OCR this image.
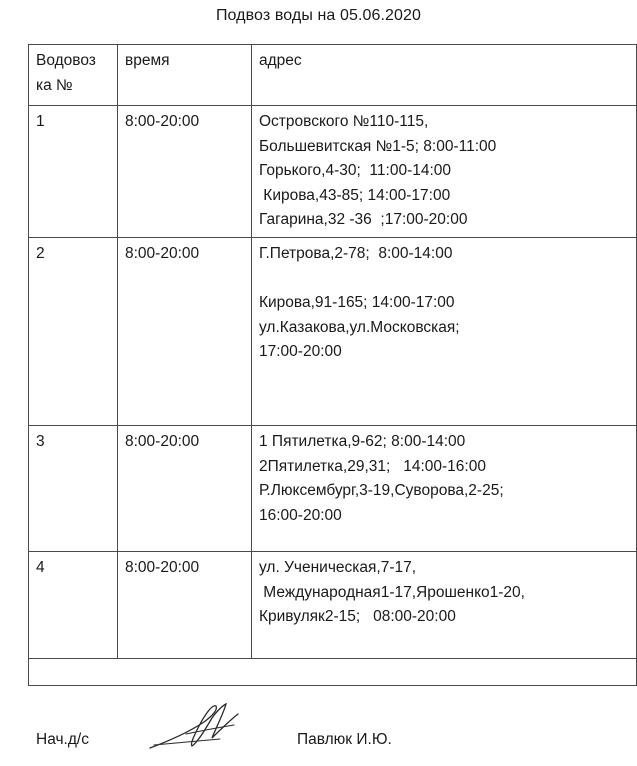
Подвоз воды на 05.06.2020
Водовоз ка №	время	адрес
1	8:00-20:00	Островского №110-115,
Большевитская №1-5; 8:00-11:00
Горького,4-30;  11:00-14:00
Кирова,43-85; 14:00-17:00
Гагарина,32 -36  ;17:00-20:00

2	8:00-20:00	Г.Петрова,2-78;  8:00-14:00

Кирова,91-165; 14:00-17:00
ул.Казакова,ул.Московская;
17:00-20:00

3	8:00-20:00	1 Пятилетка,9-62; 8:00-14:00
2Пятилетка,29,31;   14:00-16:00
Р.Люксембург,3-19,Суворова,2-25;
16:00-20:00

4	8:00-20:00	ул. Ученическая,7-17,
Международная1-17,Ярошенко1-20,
Кривуляк2-15;   08:00-20:00

Нач.д/с	Павлюк И.Ю.
